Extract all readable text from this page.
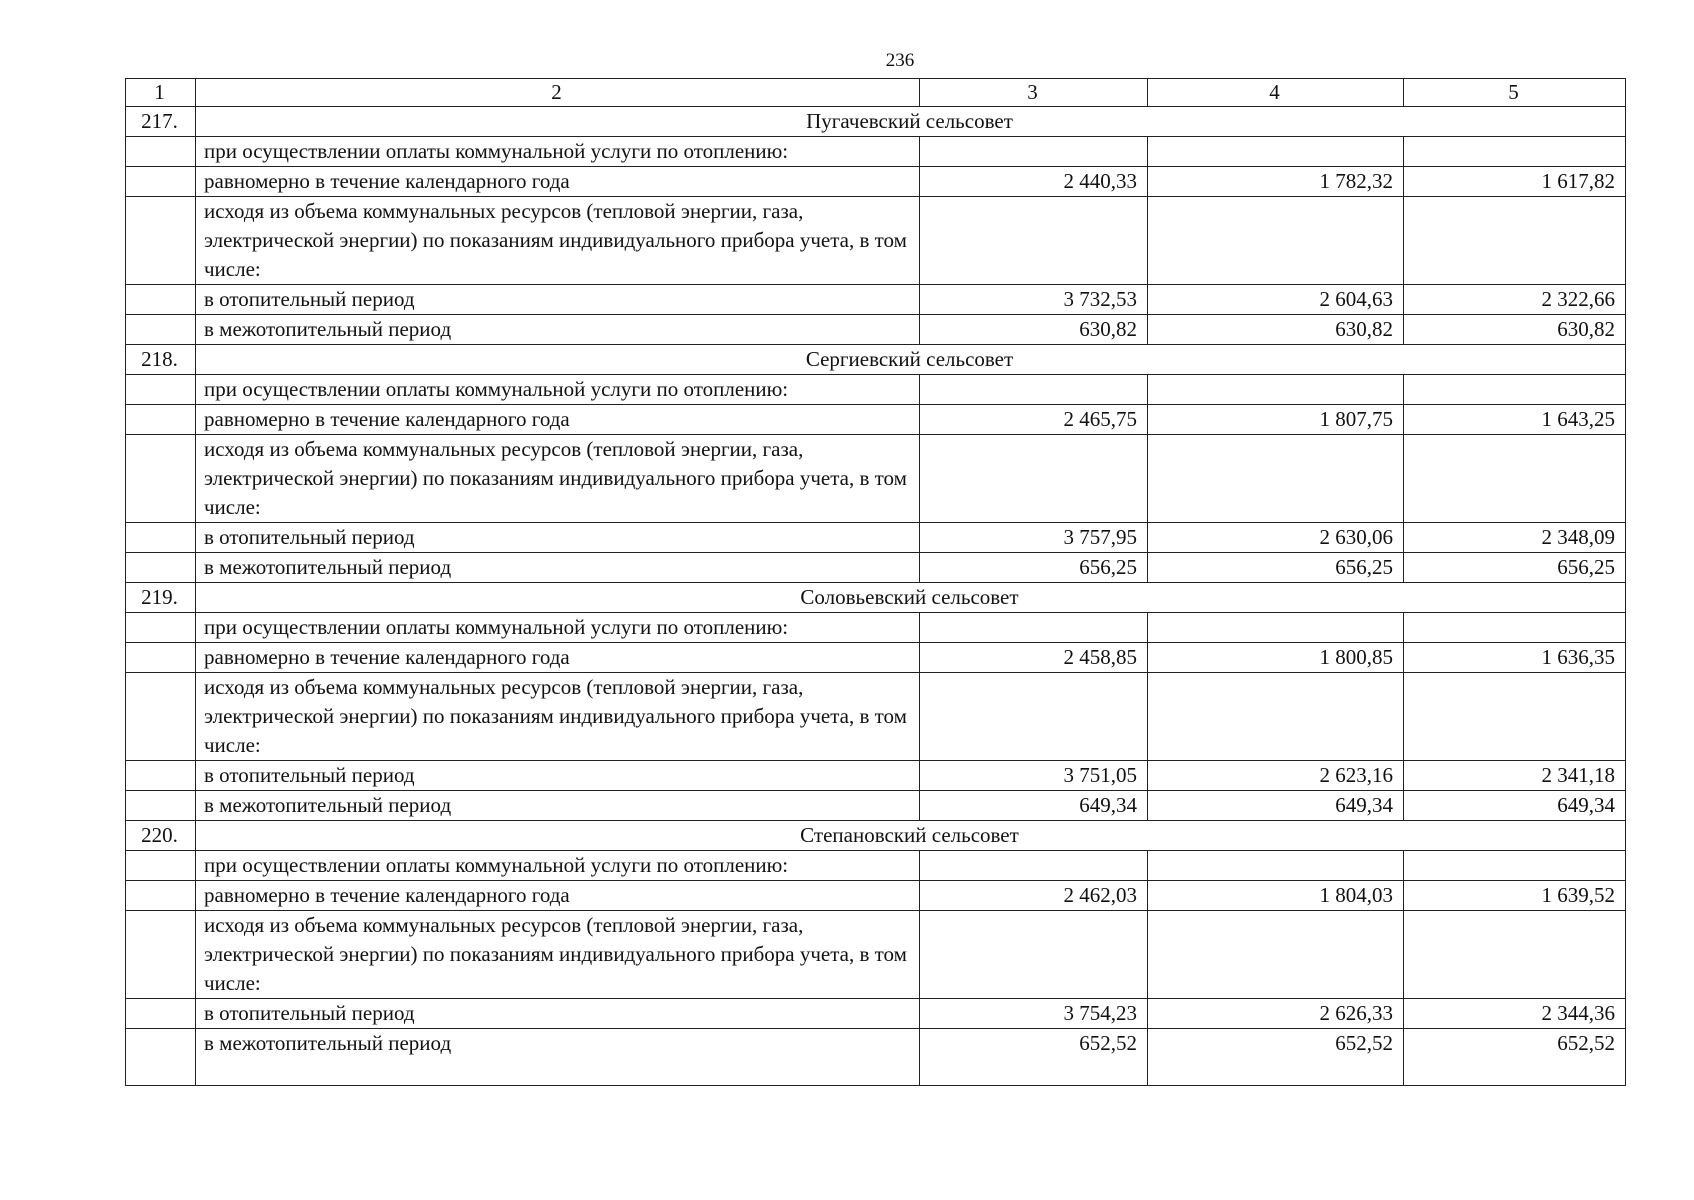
236
1	2	3	4	5
217.	Пугачевский сельсовет			
	при осуществлении оплаты коммунальной услуги по отоплению:			
	равномерно в течение календарного года	2 440,33	1 782,32	1 617,82
	исходя из объема коммунальных ресурсов (тепловой энергии, газа, электрической энергии) по показаниям индивидуального прибора учета, в том числе:			
	в отопительный период	3 732,53	2 604,63	2 322,66
	в межотопительный период	630,82	630,82	630,82
218.	Сергиевский сельсовет			
	при осуществлении оплаты коммунальной услуги по отоплению:			
	равномерно в течение календарного года	2 465,75	1 807,75	1 643,25
	исходя из объема коммунальных ресурсов (тепловой энергии, газа, электрической энергии) по показаниям индивидуального прибора учета, в том числе:			
	в отопительный период	3 757,95	2 630,06	2 348,09
	в межотопительный период	656,25	656,25	656,25
219.	Соловьевский сельсовет			
	при осуществлении оплаты коммунальной услуги по отоплению:			
	равномерно в течение календарного года	2 458,85	1 800,85	1 636,35
	исходя из объема коммунальных ресурсов (тепловой энергии, газа, электрической энергии) по показаниям индивидуального прибора учета, в том числе:			
	в отопительный период	3 751,05	2 623,16	2 341,18
	в межотопительный период	649,34	649,34	649,34
220.	Степановский сельсовет			
	при осуществлении оплаты коммунальной услуги по отоплению:			
	равномерно в течение календарного года	2 462,03	1 804,03	1 639,52
	исходя из объема коммунальных ресурсов (тепловой энергии, газа, электрической энергии) по показаниям индивидуального прибора учета, в том числе:			
	в отопительный период	3 754,23	2 626,33	2 344,36
	в межотопительный период	652,52	652,52	652,52
